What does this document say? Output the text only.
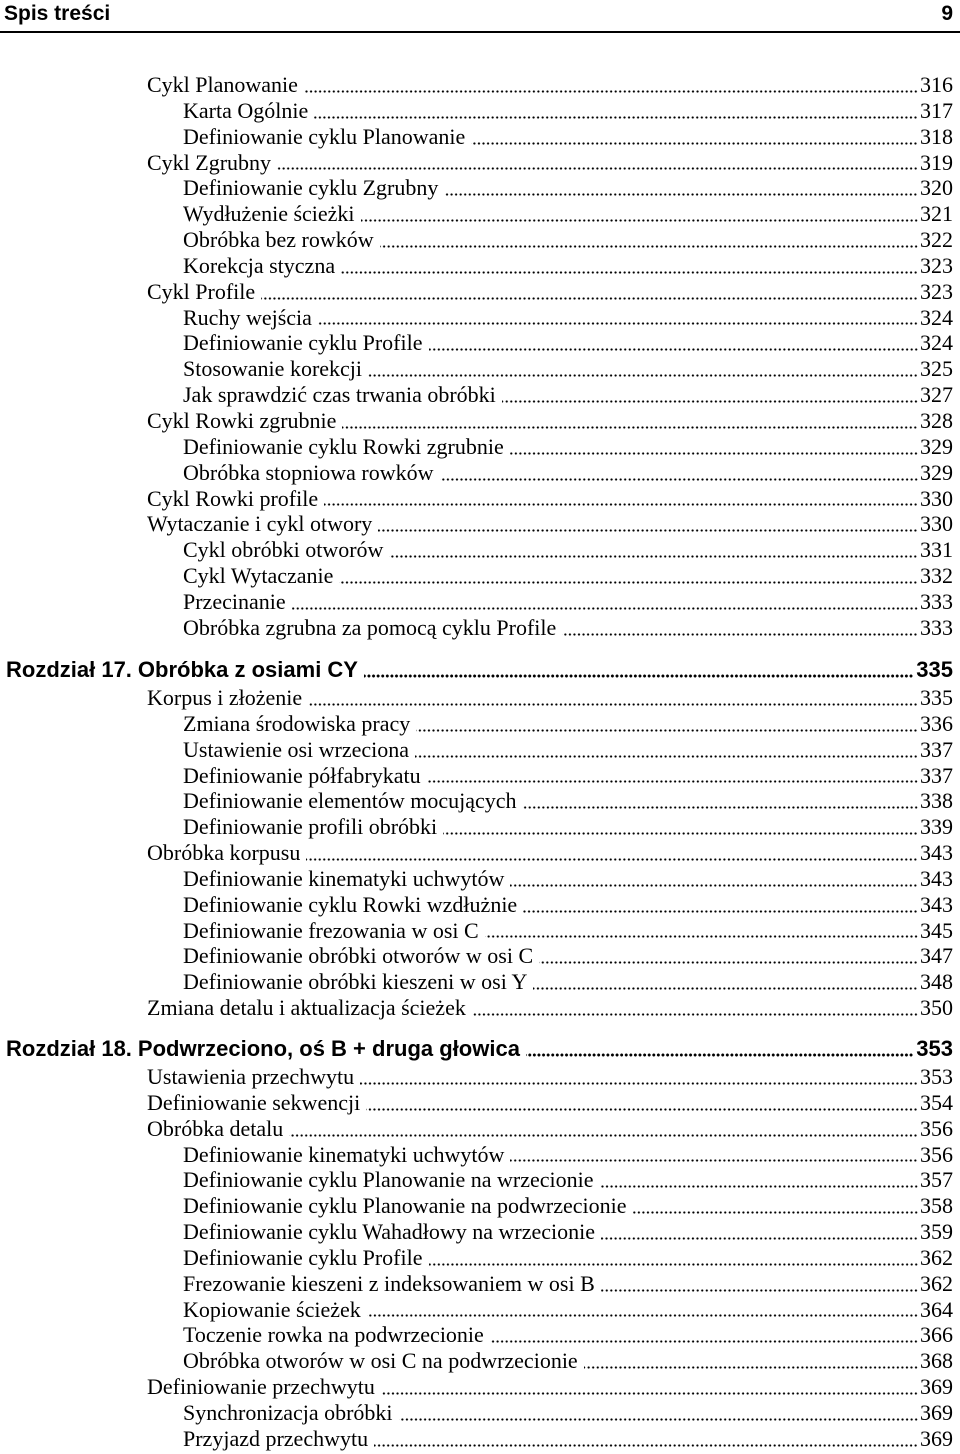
Spis treści	9
Cykl Planowanie	316
Karta Ogólnie	317
Definiowanie cyklu Planowanie	318
Cykl Zgrubny	319
Definiowanie cyklu Zgrubny	320
Wydłużenie ścieżki	321
Obróbka bez rowków	322
Korekcja styczna	323
Cykl Profile	323
Ruchy wejścia	324
Definiowanie cyklu Profile	324
Stosowanie korekcji	325
Jak sprawdzić czas trwania obróbki	327
Cykl Rowki zgrubnie	328
Definiowanie cyklu Rowki zgrubnie	329
Obróbka stopniowa rowków	329
Cykl Rowki profile	330
Wytaczanie i cykl otwory	330
Cykl obróbki otworów	331
Cykl Wytaczanie	332
Przecinanie	333
Obróbka zgrubna za pomocą cyklu Profile	333
Rozdział 17. Obróbka z osiami CY	335
Korpus i złożenie	335
Zmiana środowiska pracy	336
Ustawienie osi wrzeciona	337
Definiowanie półfabrykatu	337
Definiowanie elementów mocujących	338
Definiowanie profili obróbki	339
Obróbka korpusu	343
Definiowanie kinematyki uchwytów	343
Definiowanie cyklu Rowki wzdłużnie	343
Definiowanie frezowania w osi C	345
Definiowanie obróbki otworów w osi C	347
Definiowanie obróbki kieszeni w osi Y	348
Zmiana detalu i aktualizacja ścieżek	350
Rozdział 18. Podwrzeciono, oś B + druga głowica	353
Ustawienia przechwytu	353
Definiowanie sekwencji	354
Obróbka detalu	356
Definiowanie kinematyki uchwytów	356
Definiowanie cyklu Planowanie na wrzecionie	357
Definiowanie cyklu Planowanie na podwrzecionie	358
Definiowanie cyklu Wahadłowy na wrzecionie	359
Definiowanie cyklu Profile	362
Frezowanie kieszeni z indeksowaniem w osi B	362
Kopiowanie ścieżek	364
Toczenie rowka na podwrzecionie	366
Obróbka otworów w osi C na podwrzecionie	368
Definiowanie przechwytu	369
Synchronizacja obróbki	369
Przyjazd przechwytu	369
